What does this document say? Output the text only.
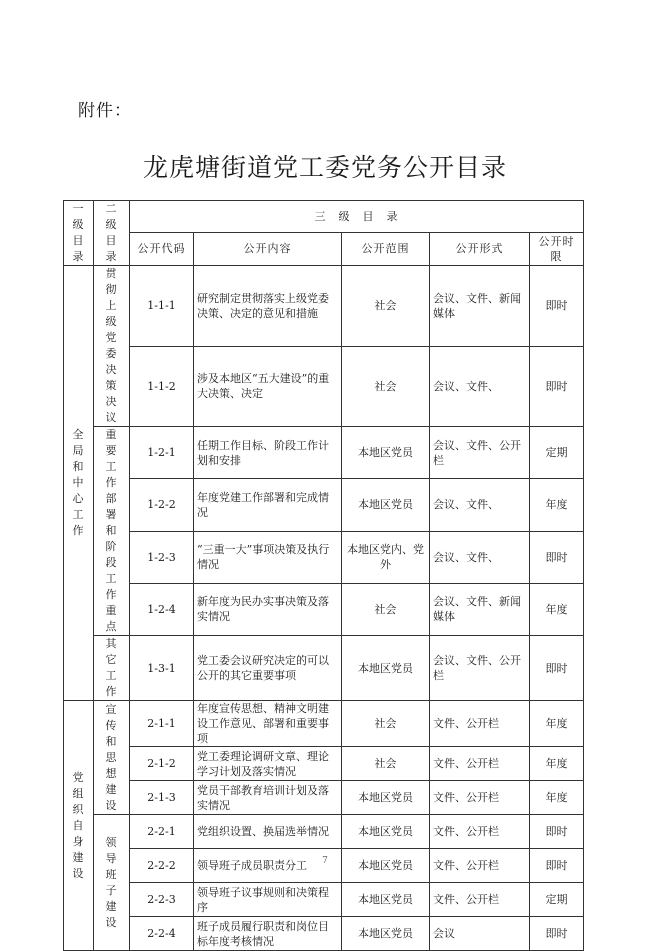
附件：
龙虎塘街道党工委党务公开目录
一级目录	二级目录	三　级　目　录				
		公开代码	公开内容	公开范围	公开形式	公开时限

全局和中心工作	贯彻上级党委决策决议	1-1-1	研究制定贯彻落实上级党委决策、决定的意见和措施	社会	会议、文件、新闻媒体	即时
		1-1-2	涉及本地区“五大建设”的重大决策、决定	社会	会议、文件、	即时

	重要工作部署和阶段工作重点	1-2-1	任期工作目标、阶段工作计划和安排	本地区党员	会议、文件、公开栏	定期
		1-2-2	年度党建工作部署和完成情况	本地区党员	会议、文件、	年度
		1-2-3	“三重一大”事项决策及执行情况	本地区党内、党外	会议、文件、	即时
		1-2-4	新年度为民办实事决策及落实情况	社会	会议、文件、新闻媒体	年度

	其它工作	1-3-1	党工委会议研究决定的可以公开的其它重要事项	本地区党员	会议、文件、公开栏	即时

党组织自身建设	宣传和思想建设	2-1-1	年度宣传思想、精神文明建设工作意见、部署和重要事项	社会	文件、公开栏	年度
		2-1-2	党工委理论调研文章、理论学习计划及落实情况	社会	文件、公开栏	年度
		2-1-3	党员干部教育培训计划及落实情况	本地区党员	文件、公开栏	年度

	领导班子建设	2-2-1	党组织设置、换届选举情况	本地区党员	文件、公开栏	即时
		2-2-2	领导班子成员职责分工	本地区党员	文件、公开栏	即时
		2-2-3	领导班子议事规则和决策程序	本地区党员	文件、公开栏	定期
		2-2-4	班子成员履行职责和岗位目标年度考核情况	本地区党员	会议	即时
7
